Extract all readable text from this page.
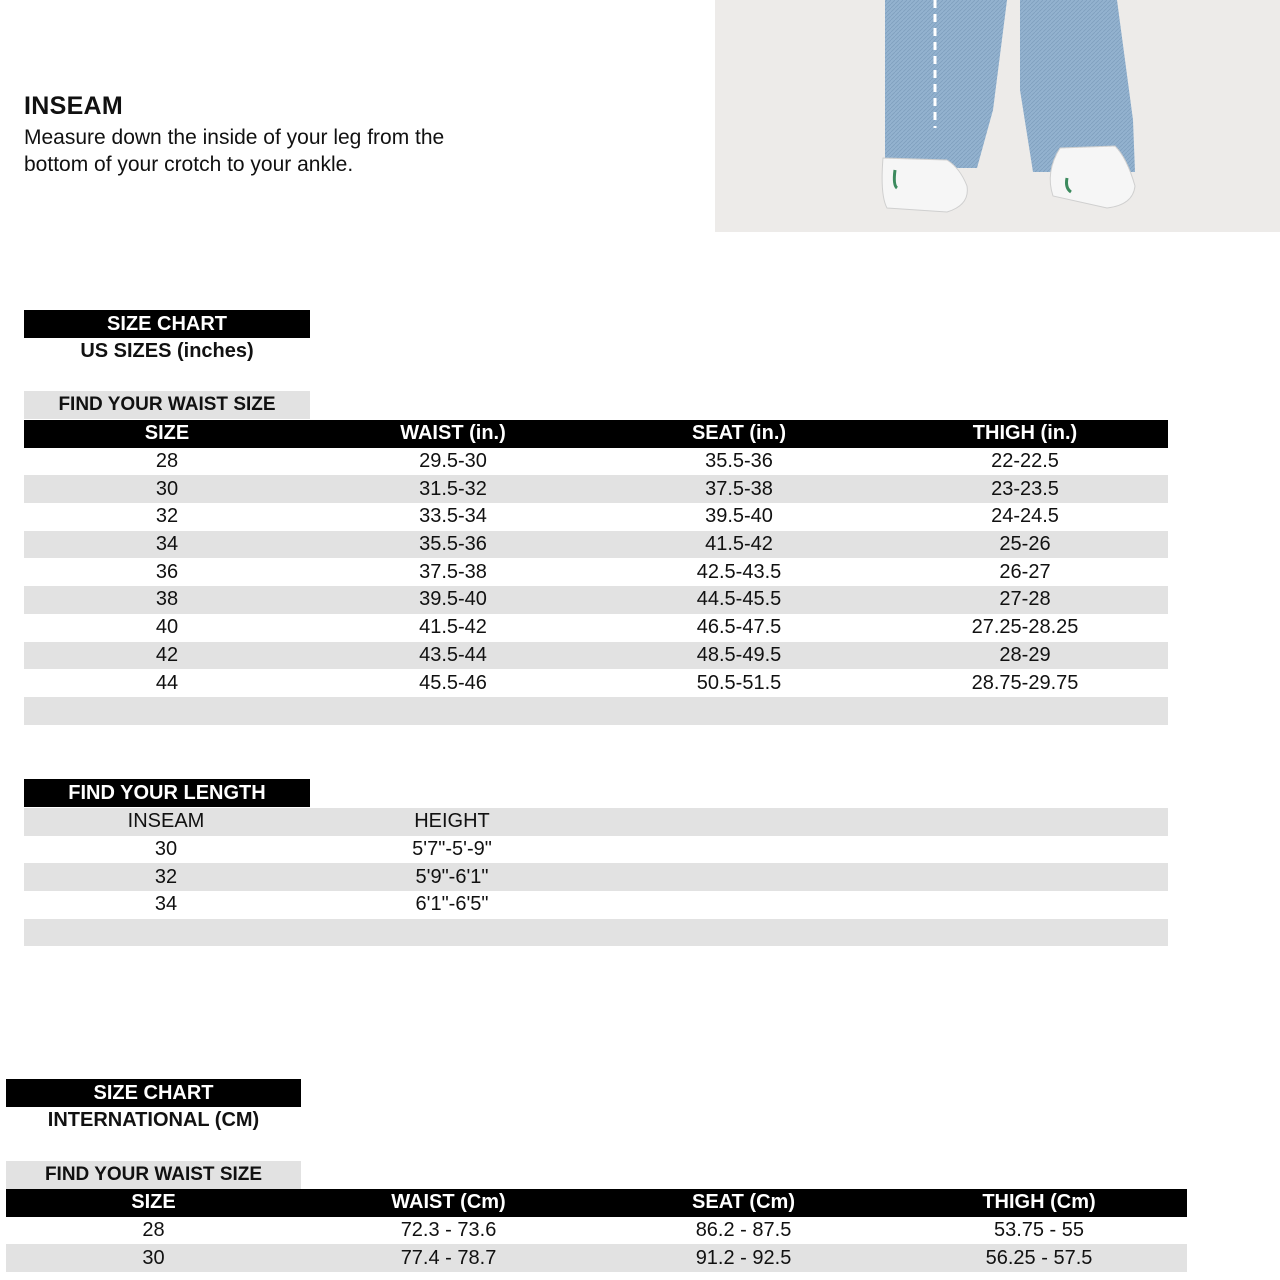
INSEAM
Measure down the inside of your leg from the bottom of your crotch to your ankle.
SIZE CHART
US SIZES (inches)
FIND YOUR WAIST SIZE
SIZE	WAIST (in.)	SEAT (in.)	THIGH (in.)
28	29.5-30	35.5-36	22-22.5
30	31.5-32	37.5-38	23-23.5
32	33.5-34	39.5-40	24-24.5
34	35.5-36	41.5-42	25-26
36	37.5-38	42.5-43.5	26-27
38	39.5-40	44.5-45.5	27-28
40	41.5-42	46.5-47.5	27.25-28.25
42	43.5-44	48.5-49.5	28-29
44	45.5-46	50.5-51.5	28.75-29.75
FIND YOUR LENGTH
INSEAM	HEIGHT
30	5'7"-5'-9"
32	5'9"-6'1"
34	6'1"-6'5"
SIZE CHART
INTERNATIONAL (CM)
FIND YOUR WAIST SIZE
SIZE	WAIST (Cm)	SEAT (Cm)	THIGH (Cm)
28	72.3 - 73.6	86.2 - 87.5	53.75 - 55
30	77.4 - 78.7	91.2 - 92.5	56.25 - 57.5
